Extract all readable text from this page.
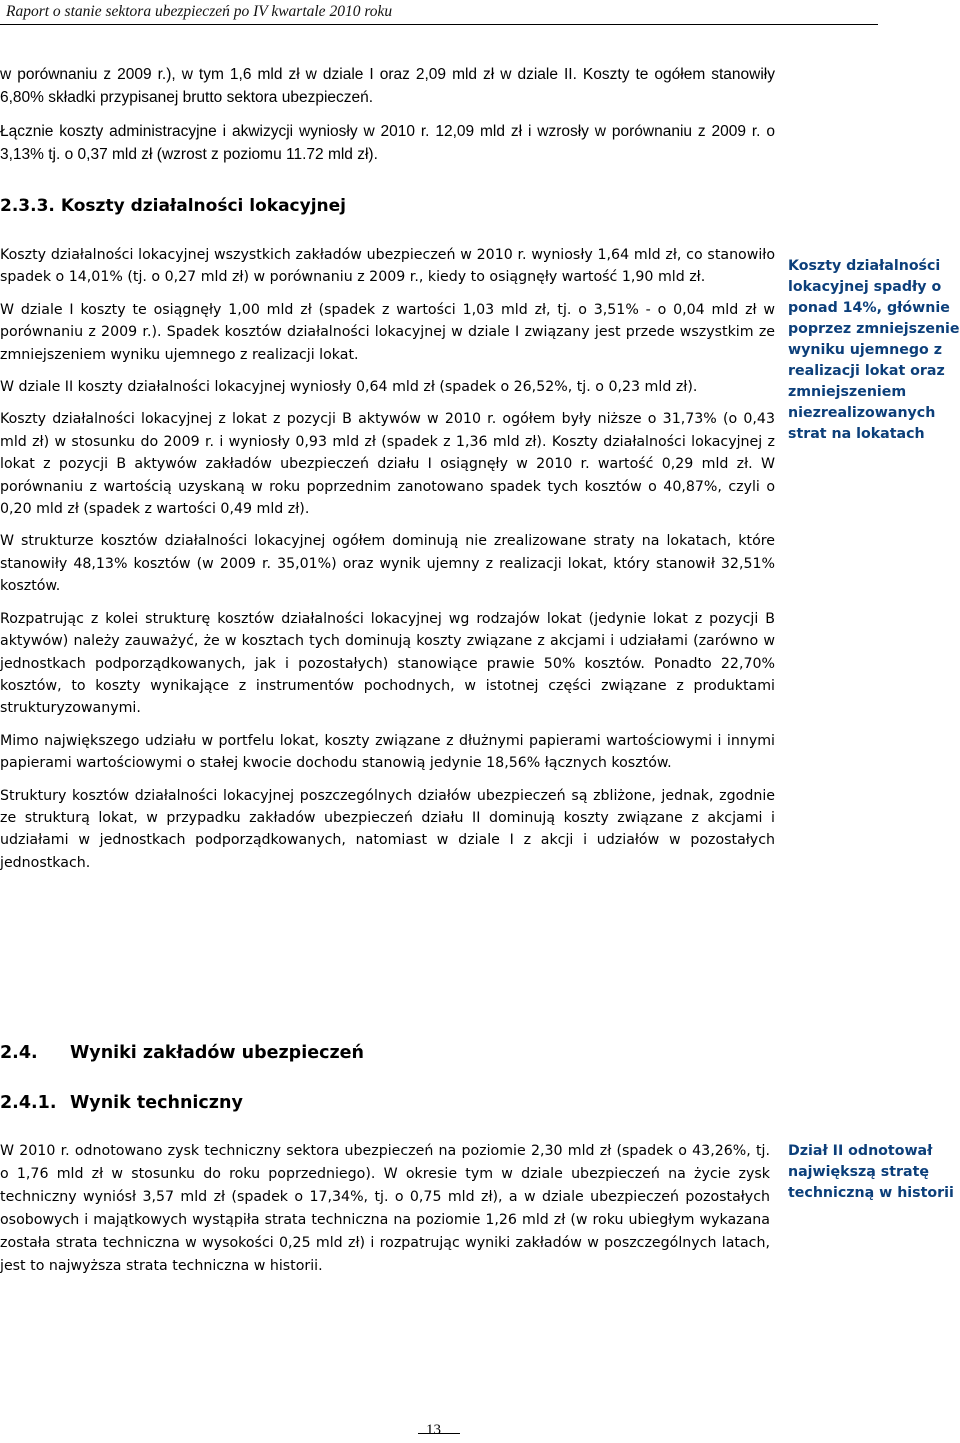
Raport o stanie sektora ubezpieczeń po IV kwartale 2010 roku

w porównaniu z 2009 r.), w tym 1,6 mld zł w dziale I oraz 2,09 mld zł w dziale II. Koszty te ogółem stanowiły 6,80% składki przypisanej brutto sektora ubezpieczeń.

Łącznie koszty administracyjne i akwizycji wyniosły w 2010 r. 12,09 mld zł i wzrosły w porównaniu z 2009 r. o 3,13% tj. o 0,37 mld zł (wzrost z poziomu 11.72 mld zł).

2.3.3. Koszty działalności lokacyjnej

Koszty działalności lokacyjnej wszystkich zakładów ubezpieczeń w 2010 r. wyniosły 1,64 mld zł, co stanowiło spadek o 14,01% (tj. o 0,27 mld zł) w porównaniu z 2009 r., kiedy to osiągnęły wartość 1,90 mld zł.

W dziale I koszty te osiągnęły 1,00 mld zł (spadek z wartości 1,03 mld zł, tj. o 3,51% - o 0,04 mld zł w porównaniu z 2009 r.). Spadek kosztów działalności lokacyjnej w dziale I związany jest przede wszystkim ze zmniejszeniem wyniku ujemnego z realizacji lokat.

W dziale II koszty działalności lokacyjnej wyniosły 0,64 mld zł (spadek o 26,52%, tj. o 0,23 mld zł).

Koszty działalności lokacyjnej z lokat z pozycji B aktywów w 2010 r. ogółem były niższe o 31,73% (o 0,43 mld zł) w stosunku do 2009 r. i wyniosły 0,93 mld zł (spadek z 1,36 mld zł). Koszty działalności lokacyjnej z lokat z pozycji B aktywów zakładów ubezpieczeń działu I osiągnęły w 2010 r. wartość 0,29 mld zł. W porównaniu z wartością uzyskaną w roku poprzednim zanotowano spadek tych kosztów o 40,87%, czyli o 0,20 mld zł (spadek z wartości 0,49 mld zł).

W strukturze kosztów działalności lokacyjnej ogółem dominują nie zrealizowane straty na lokatach, które stanowiły 48,13% kosztów (w 2009 r. 35,01%) oraz wynik ujemny z realizacji lokat, który stanowił 32,51% kosztów.

Rozpatrując z kolei strukturę kosztów działalności lokacyjnej wg rodzajów lokat (jedynie lokat z pozycji B aktywów) należy zauważyć, że w kosztach tych dominują koszty związane z akcjami i udziałami (zarówno w jednostkach podporządkowanych, jak i pozostałych) stanowiące prawie 50% kosztów. Ponadto 22,70% kosztów, to koszty wynikające z instrumentów pochodnych, w istotnej części związane z produktami strukturyzowanymi.

Mimo największego udziału w portfelu lokat, koszty związane z dłużnymi papierami wartościowymi i innymi papierami wartościowymi o stałej kwocie dochodu stanowią jedynie 18,56% łącznych kosztów.

Struktury kosztów działalności lokacyjnej poszczególnych działów ubezpieczeń są zbliżone, jednak, zgodnie ze strukturą lokat, w przypadku zakładów ubezpieczeń działu II dominują koszty związane z akcjami i udziałami w jednostkach podporządkowanych, natomiast w dziale I z akcji i udziałów w pozostałych jednostkach.

Koszty działalności lokacyjnej spadły o ponad 14%, głównie poprzez zmniejszenie wyniku ujemnego z realizacji lokat oraz zmniejszeniem niezrealizowanych strat na lokatach
2.4. Wyniki zakładów ubezpieczeń
2.4.1. Wynik techniczny

W 2010 r. odnotowano zysk techniczny sektora ubezpieczeń na poziomie 2,30 mld zł (spadek o 43,26%, tj. o 1,76 mld zł w stosunku do roku poprzedniego). W okresie tym w dziale ubezpieczeń na życie zysk techniczny wyniósł 3,57 mld zł (spadek o 17,34%, tj. o 0,75 mld zł), a w dziale ubezpieczeń pozostałych osobowych i majątkowych wystąpiła strata techniczna na poziomie 1,26 mld zł (w roku ubiegłym wykazana została strata techniczna w wysokości 0,25 mld zł) i rozpatrując wyniki zakładów w poszczególnych latach, jest to najwyższa strata techniczna w historii.

Dział II odnotował największą stratę techniczną w historii
13
